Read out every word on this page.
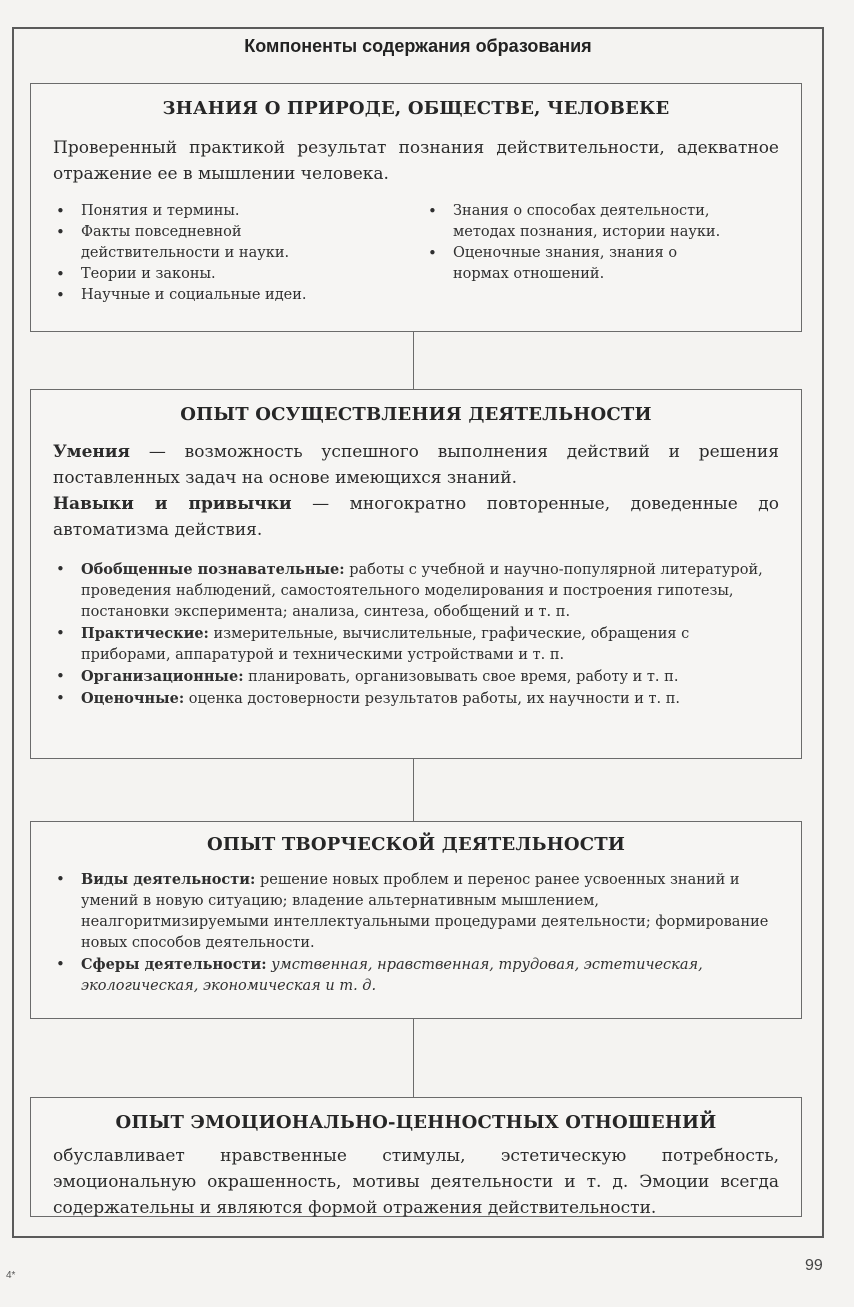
Компоненты содержания образования
ЗНАНИЯ О ПРИРОДЕ, ОБЩЕСТВЕ, ЧЕЛОВЕКЕ

Проверенный практикой результат познания действительности, адекватное отражение ее в мышлении человека.

• Понятия и термины.
• Факты повседневной действительности и науки.
• Теории и законы.
• Научные и социальные идеи.
• Знания о способах деятельности, методах познания, истории науки.
• Оценочные знания, знания о нормах отношений.
ОПЫТ ОСУЩЕСТВЛЕНИЯ ДЕЯТЕЛЬНОСТИ

Умения — возможность успешного выполнения действий и решения поставленных задач на основе имеющихся знаний.

Навыки и привычки — многократно повторенные, доведенные до автоматизма действия.

• Обобщенные познавательные: работы с учебной и научно-популярной литературой, проведения наблюдений, самостоятельного моделирования и построения гипотезы, постановки эксперимента; анализа, синтеза, обобщений и т. п.
• Практические: измерительные, вычислительные, графические, обращения с приборами, аппаратурой и техническими устройствами и т. п.
• Организационные: планировать, организовывать свое время, работу и т. п.
• Оценочные: оценка достоверности результатов работы, их научности и т. п.
ОПЫТ ТВОРЧЕСКОЙ ДЕЯТЕЛЬНОСТИ
• Виды деятельности: решение новых проблем и перенос ранее усвоенных знаний и умений в новую ситуацию; владение альтернативным мышлением, неалгоритмизируемыми интеллектуальными процедурами деятельности; формирование новых способов деятельности.
• Сферы деятельности: умственная, нравственная, трудовая, эстетическая, экологическая, экономическая и т. д.
ОПЫТ ЭМОЦИОНАЛЬНО-ЦЕННОСТНЫХ ОТНОШЕНИЙ

обуславливает нравственные стимулы, эстетическую потребность, эмоциональную окрашенность, мотивы деятельности и т. д. Эмоции всегда содержательны и являются формой отражения действительности.

99
4*
